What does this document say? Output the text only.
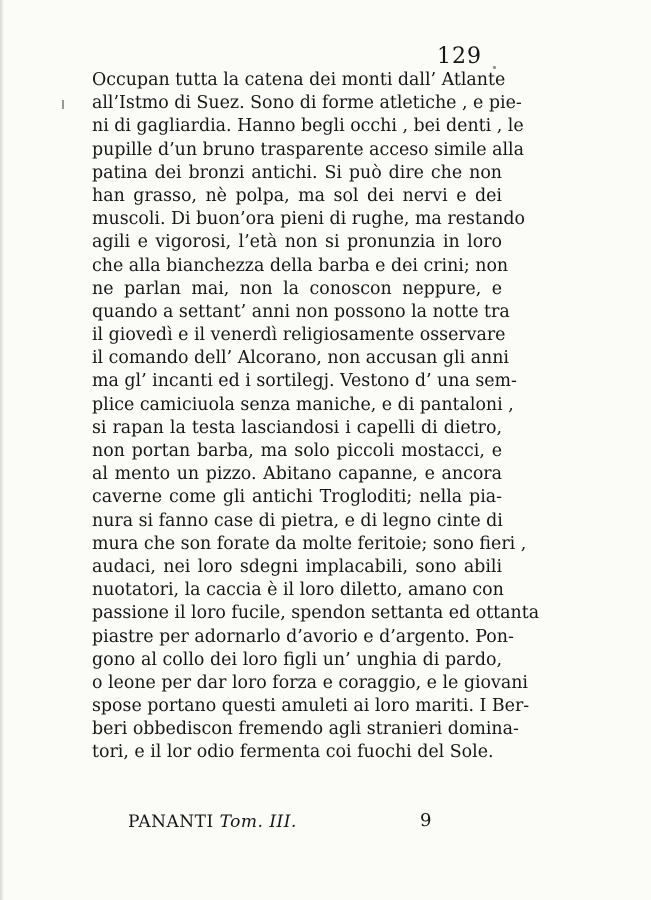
129
Occupan tutta la catena dei monti dall’ Atlante
all’Istmo di Suez. Sono di forme atletiche , e pie-
ni di gagliardia. Hanno begli occhi , bei denti , le
pupille d’un bruno trasparente acceso simile alla
patina dei bronzi antichi. Si può dire che non
han grasso, nè polpa, ma sol dei nervi e dei
muscoli. Di buon’ora pieni di rughe, ma restando
agili e vigorosi, l’età non si pronunzia in loro
che alla bianchezza della barba e dei crini; non
ne parlan mai, non la conoscon neppure, e
quando a settant’ anni non possono la notte tra
il giovedì e il venerdì religiosamente osservare
il comando dell’ Alcorano, non accusan gli anni
ma gl’ incanti ed i sortilegj. Vestono d’ una sem-
plice camiciuola senza maniche, e di pantaloni ,
si rapan la testa lasciandosi i capelli di dietro,
non portan barba, ma solo piccoli mostacci, e
al mento un pizzo. Abitano capanne, e ancora
caverne come gli antichi Trogloditi; nella pia-
nura si fanno case di pietra, e di legno cinte di
mura che son forate da molte feritoie; sono fieri ,
audaci, nei loro sdegni implacabili, sono abili
nuotatori, la caccia è il loro diletto, amano con
passione il loro fucile, spendon settanta ed ottanta
piastre per adornarlo d’avorio e d’argento. Pon-
gono al collo dei loro figli un’ unghia di pardo,
o leone per dar loro forza e coraggio, e le giovani
spose portano questi amuleti ai loro mariti. I Ber-
beri obbediscon fremendo agli stranieri domina-
tori, e il lor odio fermenta coi fuochi del Sole.
PANANTI Tom. III.	9
